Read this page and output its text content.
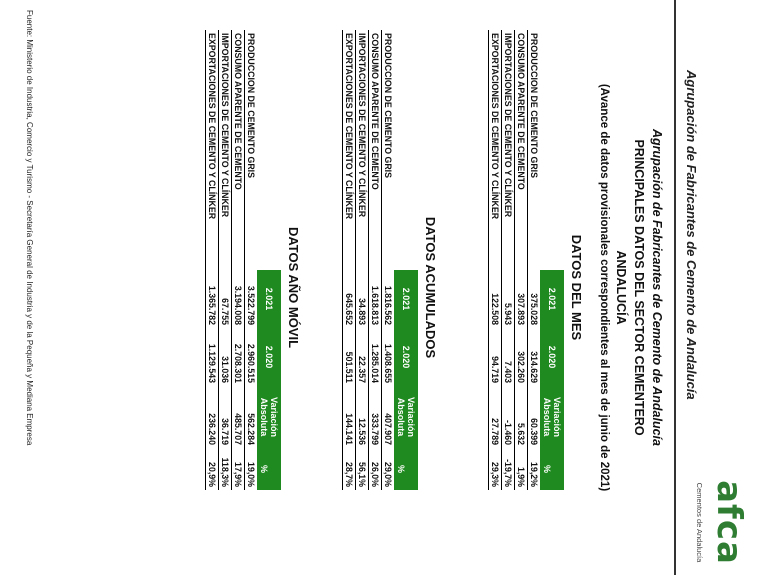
Agrupación de Fabricantes de Cemento de Andalucía
afca
Cementos de Andalucía
Agrupación de Fabricantes de Cemento de Andalucía
PRINCIPALES DATOS DEL SECTOR CEMENTERO
ANDALUCÍA
(Avance de datos provisionales correspondientes al mes de junio de 2021)
DATOS DEL MES
	2.021	2.020	Variación
Absoluta	%
PRODUCCION DE CEMENTO GRIS	375.028	314.629	60.399	19,2%
CONSUMO APARENTE DE CEMENTO	307.893	302.260	5.632	1,9%
IMPORTACIONES DE CEMENTO Y CLÍNKER	5.943	7.403	-1.460	-19,7%
EXPORTACIONES DE CEMENTO Y CLÍNKER	122.508	94.719	27.789	29,3%
DATOS ACUMULADOS
	2.021	2.020	Variación
Absoluta	%
PRODUCCION DE CEMENTO GRIS	1.816.562	1.408.655	407.907	29,0%
CONSUMO APARENTE DE CEMENTO	1.618.813	1.285.014	333.799	26,0%
IMPORTACIONES DE CEMENTO Y CLÍNKER	34.893	22.357	12.536	56,1%
EXPORTACIONES DE CEMENTO Y CLÍNKER	645.652	501.511	144.141	28,7%
DATOS AÑO MÓVIL
	2.021	2.020	Variación
Absoluta	%
PRODUCCION DE CEMENTO GRIS	3.522.799	2.960.515	562.284	19,0%
CONSUMO APARENTE DE CEMENTO	3.194.008	2.708.301	485.707	17,9%
IMPORTACIONES DE CEMENTO Y CLÍNKER	67.755	31.036	36.719	118,3%
EXPORTACIONES DE CEMENTO Y CLÍNKER	1.365.782	1.129.543	236.240	20,9%
Fuente: Ministerio de Industria, Comercio y Turismo - Secretaría General de Industria y de la Pequeña y Mediana Empresa
